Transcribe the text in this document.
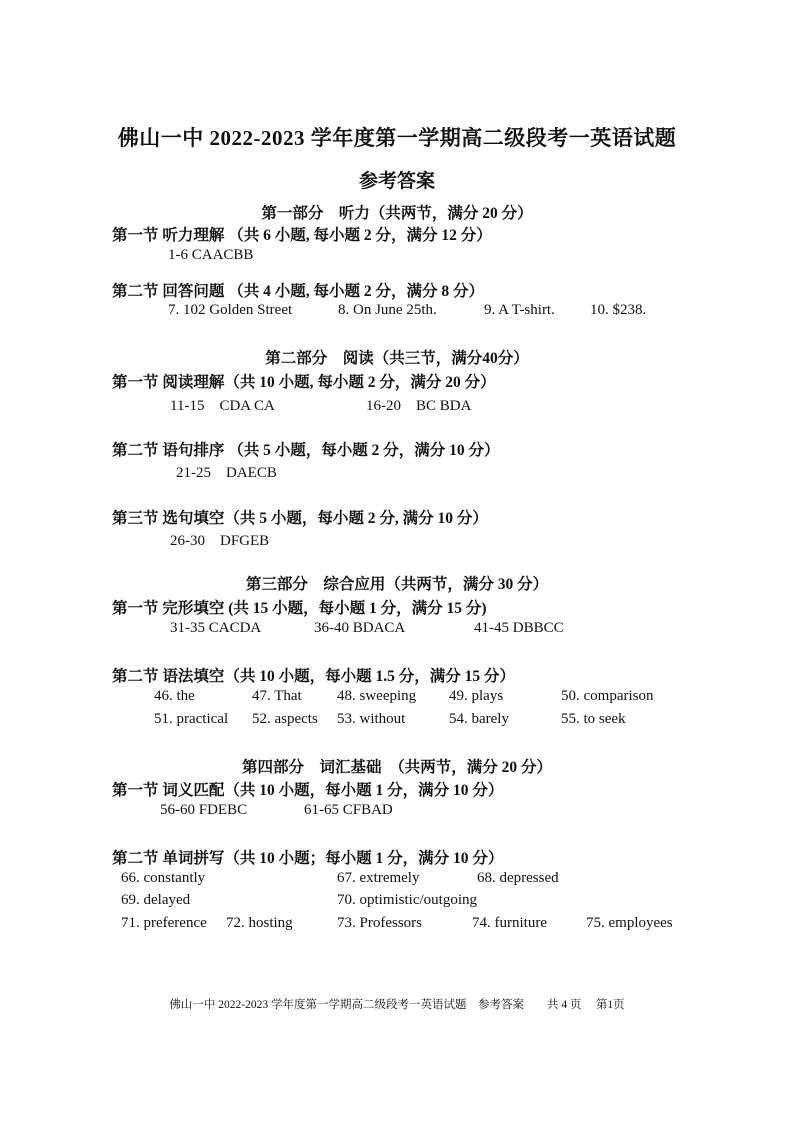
佛山一中 2022-2023 学年度第一学期高二级段考一英语试题
参考答案
第一部分　听力（共两节，满分 20 分）
第一节 听力理解 （共 6 小题, 每小题 2 分，满分 12 分）
1-6 CAACBB
第二节 回答问题 （共 4 小题, 每小题 2 分，满分 8 分）
7. 102 Golden Street	8. On June 25th.	9. A T-shirt. 10. $238.
第二部分　阅读（共三节，满分40分）
第一节 阅读理解（共 10 小题, 每小题 2 分，满分 20 分）
11-15　CDA CA	16-20　BC BDA
第二节 语句排序 （共 5 小题，每小题 2 分，满分 10 分）
21-25　DAECB
第三节 选句填空（共 5 小题，每小题 2 分, 满分 10 分）
26-30　DFGEB
第三部分　综合应用（共两节，满分 30 分）
第一节 完形填空 (共 15 小题，每小题 1 分，满分 15 分)
31-35 CACDA	36-40 BDACA	41-45 DBBCC
第二节 语法填空（共 10 小题，每小题 1.5 分，满分 15 分）
46. the	47. That 48. sweeping 49. plays	50. comparison
51. practical 52. aspects 53. without	54. barely	55. to seek
第四部分　词汇基础　（共两节，满分 20 分）
第一节 词义匹配（共 10 小题，每小题 1 分，满分 10 分）
56-60 FDEBC	61-65 CFBAD
第二节 单词拼写（共 10 小题；每小题 1 分，满分 10 分）
66. constantly	67. extremely	68. depressed
69. delayed	70. optimistic/outgoing
71. preference 72. hosting	73. Professors	74. furniture	75. employees
佛山一中 2022-2023 学年度第一学期高二级段考一英语试题　参考答案　　共 4 页　 第1页
